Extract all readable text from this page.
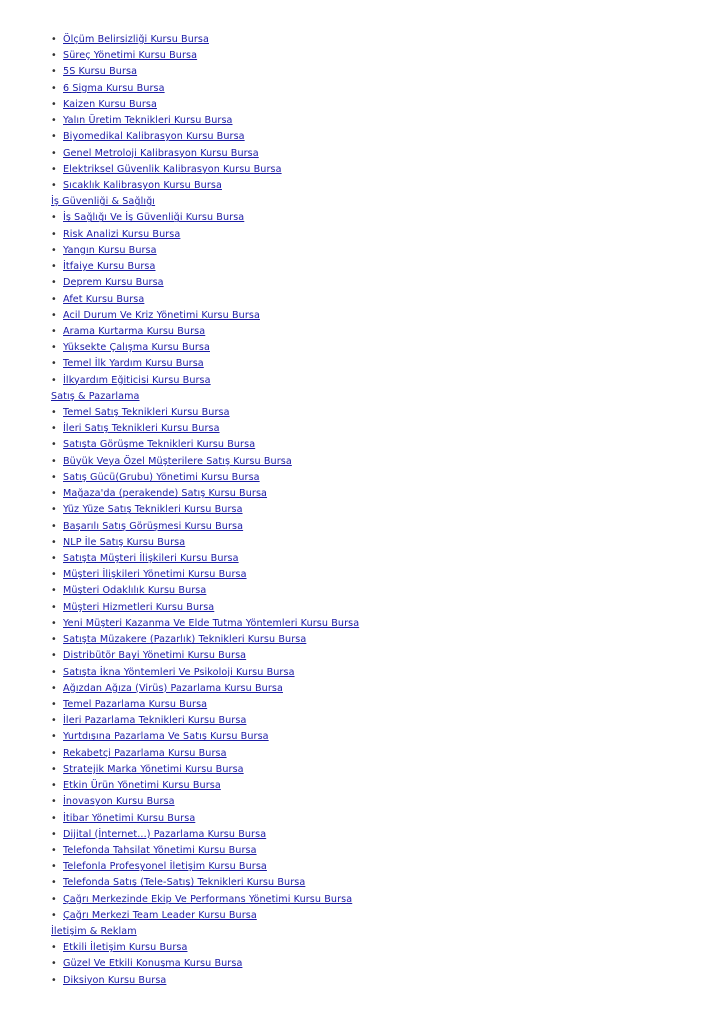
• Ölçüm Belirsizliği Kursu Bursa
• Süreç Yönetimi Kursu Bursa
• 5S Kursu Bursa
• 6 Sigma Kursu Bursa
• Kaizen Kursu Bursa
• Yalın Üretim Teknikleri Kursu Bursa
• Biyomedikal Kalibrasyon Kursu Bursa
• Genel Metroloji Kalibrasyon Kursu Bursa
• Elektriksel Güvenlik Kalibrasyon Kursu Bursa
• Sıcaklık Kalibrasyon Kursu Bursa
İş Güvenliği & Sağlığı
• İş Sağlığı Ve İş Güvenliği Kursu Bursa
• Risk Analizi Kursu Bursa
• Yangın Kursu Bursa
• İtfaiye Kursu Bursa
• Deprem Kursu Bursa
• Afet Kursu Bursa
• Acil Durum Ve Kriz Yönetimi Kursu Bursa
• Arama Kurtarma Kursu Bursa
• Yüksekte Çalışma Kursu Bursa
• Temel İlk Yardım Kursu Bursa
• İlkyardım Eğiticisi Kursu Bursa
Satış & Pazarlama
• Temel Satış Teknikleri Kursu Bursa
• İleri Satış Teknikleri Kursu Bursa
• Satışta Görüşme Teknikleri Kursu Bursa
• Büyük Veya Özel Müşterilere Satış Kursu Bursa
• Satış Gücü(Grubu) Yönetimi Kursu Bursa
• Mağaza'da (perakende) Satış Kursu Bursa
• Yüz Yüze Satış Teknikleri Kursu Bursa
• Başarılı Satış Görüşmesi Kursu Bursa
• NLP İle Satış Kursu Bursa
• Satışta Müşteri İlişkileri Kursu Bursa
• Müşteri İlişkileri Yönetimi Kursu Bursa
• Müşteri Odaklılık Kursu Bursa
• Müşteri Hizmetleri Kursu Bursa
• Yeni Müşteri Kazanma Ve Elde Tutma Yöntemleri Kursu Bursa
• Satışta Müzakere (Pazarlık) Teknikleri Kursu Bursa
• Distribütör Bayi Yönetimi Kursu Bursa
• Satışta İkna Yöntemleri Ve Psikoloji Kursu Bursa
• Ağızdan Ağıza (Virüs) Pazarlama Kursu Bursa
• Temel Pazarlama Kursu Bursa
• İleri Pazarlama Teknikleri Kursu Bursa
• Yurtdışına Pazarlama Ve Satış Kursu Bursa
• Rekabetçi Pazarlama Kursu Bursa
• Stratejik Marka Yönetimi Kursu Bursa
• Etkin Ürün Yönetimi Kursu Bursa
• İnovasyon Kursu Bursa
• İtibar Yönetimi Kursu Bursa
• Dijital (İnternet...) Pazarlama Kursu Bursa
• Telefonda Tahsilat Yönetimi Kursu Bursa
• Telefonla Profesyonel İletişim Kursu Bursa
• Telefonda Satış (Tele-Satış) Teknikleri Kursu Bursa
• Çağrı Merkezinde Ekip Ve Performans Yönetimi Kursu Bursa
• Çağrı Merkezi Team Leader Kursu Bursa
İletişim & Reklam
• Etkili İletişim Kursu Bursa
• Güzel Ve Etkili Konuşma Kursu Bursa
• Diksiyon Kursu Bursa
